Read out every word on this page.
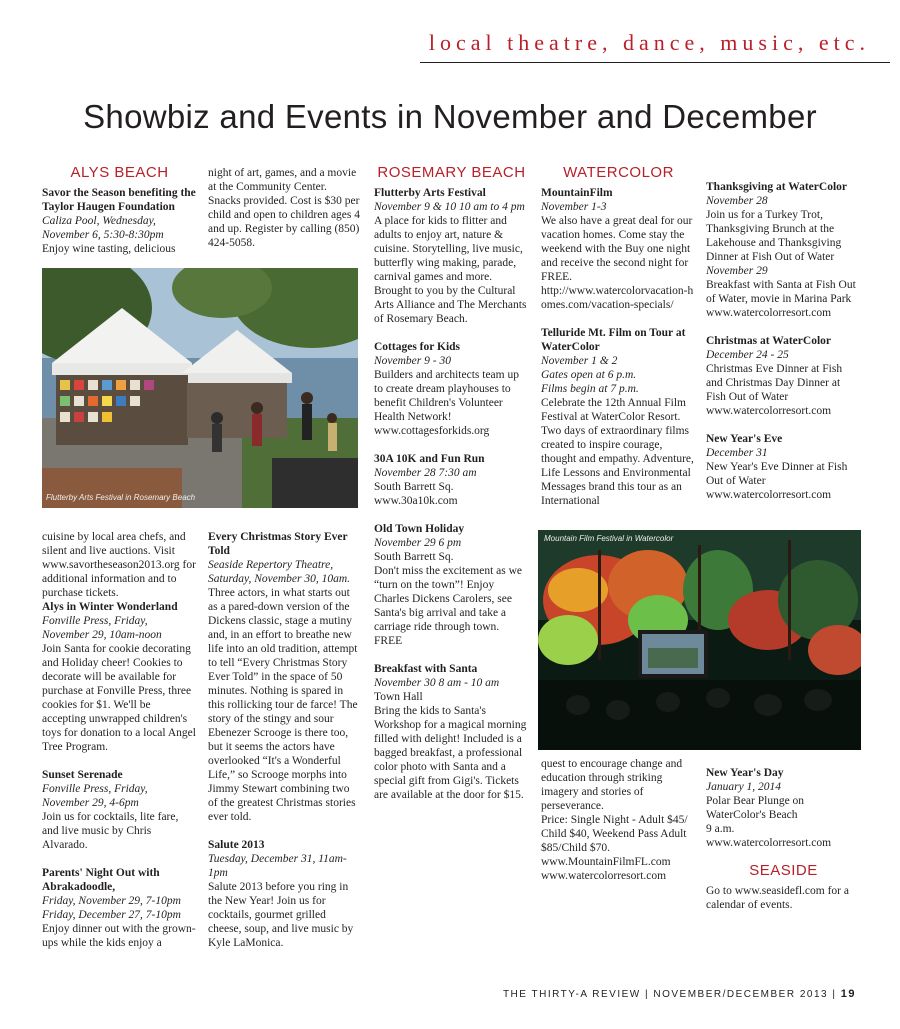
local theatre, dance, music, etc.
Showbiz and Events in November and December

ALYS BEACH

Savor the Season benefiting the Taylor Haugen Foundation

Caliza Pool, Wednesday, November 6, 5:30-8:30pm

Enjoy wine tasting, delicious

night of art, games, and a movie at the Community Center. Snacks provided. Cost is $30 per child and open to children ages 4 and up. Register by calling (850) 424-5058.

Flutterby Arts Festival in Rosemary Beach

cuisine by local area chefs, and silent and live auctions. Visit www.savortheseason2013.org for additional information and to purchase tickets.

Alys in Winter Wonderland

Fonville Press, Friday, November 29, 10am-noon

Join Santa for cookie decorating and Holiday cheer! Cookies to decorate will be available for purchase at Fonville Press, three cookies for $1. We'll be accepting unwrapped children's toys for donation to a local Angel Tree Program.

Sunset Serenade

Fonville Press, Friday, November 29, 4-6pm

Join us for cocktails, lite fare, and live music by Chris Alvarado.

Parents' Night Out with Abrakadoodle,

Friday, November 29, 7-10pm

Friday, December 27, 7-10pm

Enjoy dinner out with the grown-ups while the kids enjoy a

Every Christmas Story Ever Told

Seaside Repertory Theatre, Saturday, November 30, 10am.

Three actors, in what starts out as a pared-down version of the Dickens classic, stage a mutiny and, in an effort to breathe new life into an old tradition, attempt to tell “Every Christmas Story Ever Told” in the space of 50 minutes. Nothing is spared in this rollicking tour de farce! The story of the stingy and sour Ebenezer Scrooge is there too, but it seems the actors have overlooked “It's a Wonderful Life,” so Scrooge morphs into Jimmy Stewart combining two of the greatest Christmas stories ever told.

Salute 2013

Tuesday, December 31, 11am-1pm

Salute 2013 before you ring in the New Year! Join us for cocktails, gourmet grilled cheese, soup, and live music by Kyle LaMonica.

ROSEMARY BEACH

Flutterby Arts Festival

November 9 & 10 10 am to 4 pm

A place for kids to flitter and adults to enjoy art, nature & cuisine. Storytelling, live music, butterfly wing making, parade, carnival games and more. Brought to you by the Cultural Arts Alliance and The Merchants of Rosemary Beach.

Cottages for Kids

November 9 - 30

Builders and architects team up to create dream playhouses to benefit Children's Volunteer Health Network!

www.cottagesforkids.org

30A 10K and Fun Run

November 28 7:30 am

South Barrett Sq.

www.30a10k.com

Old Town Holiday

November 29 6 pm

South Barrett Sq.

Don't miss the excitement as we “turn on the town”! Enjoy Charles Dickens Carolers, see Santa's big arrival and take a carriage ride through town.

FREE

Breakfast with Santa

November 30 8 am - 10 am

Town Hall

Bring the kids to Santa's Workshop for a magical morning filled with delight! Included is a bagged breakfast, a professional color photo with Santa and a special gift from Gigi's. Tickets are available at the door for $15.

WATERCOLOR

MountainFilm

November 1-3

We also have a great deal for our vacation homes. Come stay the weekend with the Buy one night and receive the second night for FREE.

http://www.watercolorvacation-homes.com/vacation-specials/

Telluride Mt. Film on Tour at WaterColor

November 1 & 2

Gates open at 6 p.m.

Films begin at 7 p.m.

Celebrate the 12th Annual Film Festival at WaterColor Resort. Two days of extraordinary films created to inspire courage, thought and empathy. Adventure, Life Lessons and Environmental Messages brand this tour as an International

Mountain Film Festival in Watercolor

quest to encourage change and education through striking imagery and stories of perseverance.

Price: Single Night - Adult $45/ Child $40, Weekend Pass Adult $85/Child $70.

www.MountainFilmFL.com

www.watercolorresort.com

Thanksgiving at WaterColor

November 28

Join us for a Turkey Trot, Thanksgiving Brunch at the Lakehouse and Thanksgiving Dinner at Fish Out of Water

November 29

Breakfast with Santa at Fish Out of Water, movie in Marina Park

www.watercolorresort.com

Christmas at WaterColor

December 24 - 25

Christmas Eve Dinner at Fish and Christmas Day Dinner at Fish Out of Water

www.watercolorresort.com

New Year's Eve

December 31

New Year's Eve Dinner at Fish Out of Water

www.watercolorresort.com

New Year's Day

January 1, 2014

Polar Bear Plunge on WaterColor's Beach

9 a.m.

www.watercolorresort.com

SEASIDE

Go to www.seasidefl.com for a calendar of events.

THE THIRTY-A REVIEW | NOVEMBER/DECEMBER 2013 | 19
